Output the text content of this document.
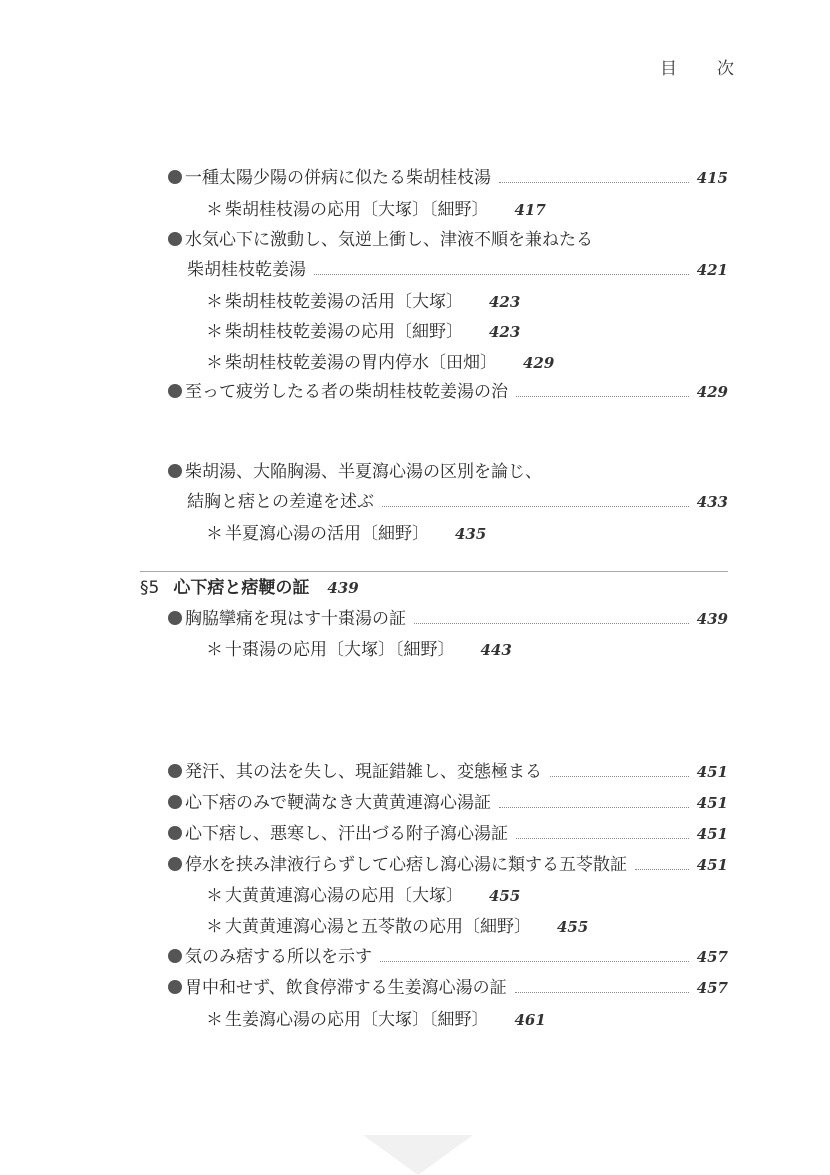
目 次
一種太陽少陽の併病に似たる柴胡桂枝湯	415
＊ 柴胡桂枝湯の応用〔大塚〕〔細野〕 417
水気心下に激動し、気逆上衝し、津液不順を兼ねたる
柴胡桂枝乾姜湯	421
＊ 柴胡桂枝乾姜湯の活用〔大塚〕 423
＊ 柴胡桂枝乾姜湯の応用〔細野〕 423
＊ 柴胡桂枝乾姜湯の胃内停水〔田畑〕 429
至って疲労したる者の柴胡桂枝乾姜湯の治	429
柴胡湯、大陥胸湯、半夏瀉心湯の区別を論じ、
結胸と痞との差違を述ぶ	433
＊ 半夏瀉心湯の活用〔細野〕 435
§5 心下痞と痞鞕の証 439
胸脇攣痛を現はす十棗湯の証	439
＊ 十棗湯の応用〔大塚〕〔細野〕 443
発汗、其の法を失し、現証錯雑し、変態極まる	451
心下痞のみで鞕満なき大黄黄連瀉心湯証	451
心下痞し、悪寒し、汗出づる附子瀉心湯証	451
停水を挟み津液行らずして心痞し瀉心湯に類する五苓散証	451
＊ 大黄黄連瀉心湯の応用〔大塚〕 455
＊ 大黄黄連瀉心湯と五苓散の応用〔細野〕 455
気のみ痞する所以を示す	457
胃中和せず、飲食停滞する生姜瀉心湯の証	457
＊ 生姜瀉心湯の応用〔大塚〕〔細野〕 461
